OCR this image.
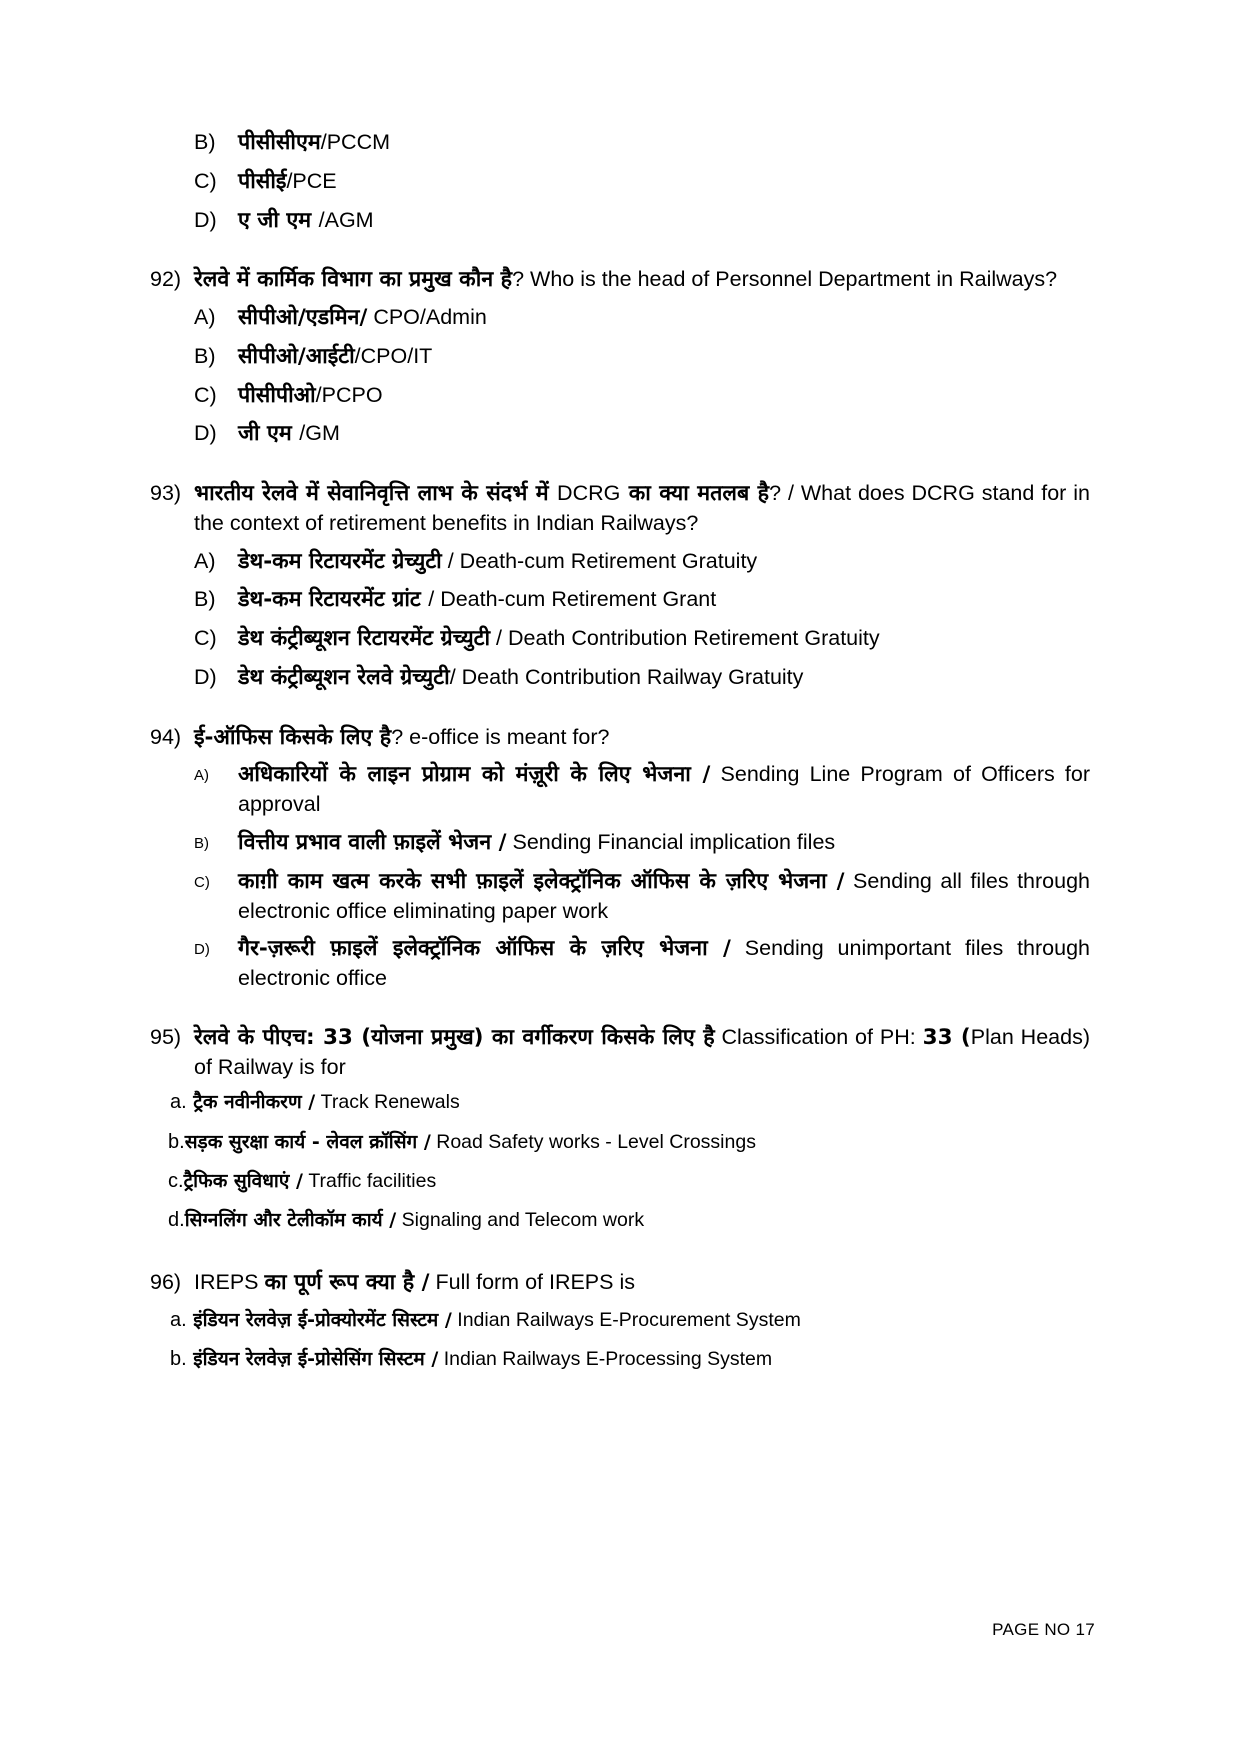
B)	पीसीसीएम/PCCM
C) पीसीई/PCE
D) ए जी एम /AGM
92) रेलवे में कार्मिक विभाग का प्रमुख कौन है? Who is the head of Personnel Department in Railways?
A)	सीपीओ/एडमिन/ CPO/Admin
B)	सीपीओ/आईटी/CPO/IT
C) पीसीपीओ/PCPO
D) जी एम /GM
93) भारतीय रेलवे में सेवानिवृत्ति लाभ के संदर्भ में DCRG का क्या मतलब है? / What does DCRG stand for in the context of retirement benefits in Indian Railways?
A)	डेथ-कम रिटायरमेंट ग्रेच्युटी / Death-cum Retirement Gratuity
B)	डेथ-कम रिटायरमेंट ग्रांट / Death-cum Retirement Grant
C) डेथ कंट्रीब्यूशन रिटायरमेंट ग्रेच्युटी / Death Contribution Retirement Gratuity
D) डेथ कंट्रीब्यूशन रेलवे ग्रेच्युटी/ Death Contribution Railway Gratuity
94) ई-ऑफिस किसके लिए है? e-office is meant for?
A)	अधिकारियों के लाइन प्रोग्राम को मंज़ूरी के लिए भेजना / Sending Line Program of Officers for approval
B)	वित्तीय प्रभाव वाली फ़ाइलें भेजन / Sending Financial implication files
C)	काग़ी काम खत्म करके सभी फ़ाइलें इलेक्ट्रॉनिक ऑफिस के ज़रिए भेजना / Sending all files through electronic office eliminating paper work
D)	गैर-ज़रूरी फ़ाइलें इलेक्ट्रॉनिक ऑफिस के ज़रिए भेजना / Sending unimportant files through electronic office
95) रेलवे के पीएच: 33 (योजना प्रमुख) का वर्गीकरण किसके लिए है Classification of PH: 33 (Plan Heads) of Railway is for
a. ट्रैक नवीनीकरण / Track Renewals
b.सड़क सुरक्षा कार्य - लेवल क्रॉसिंग / Road Safety works - Level Crossings
c.ट्रैफिक सुविधाएं / Traffic facilities
d.सिग्नलिंग और टेलीकॉम कार्य / Signaling and Telecom work
96) IREPS का पूर्ण रूप क्या है / Full form of IREPS is
a. इंडियन रेलवेज़ ई-प्रोक्योरमेंट सिस्टम / Indian Railways E-Procurement System
b. इंडियन रेलवेज़ ई-प्रोसेसिंग सिस्टम / Indian Railways E-Processing System
PAGE NO 17
